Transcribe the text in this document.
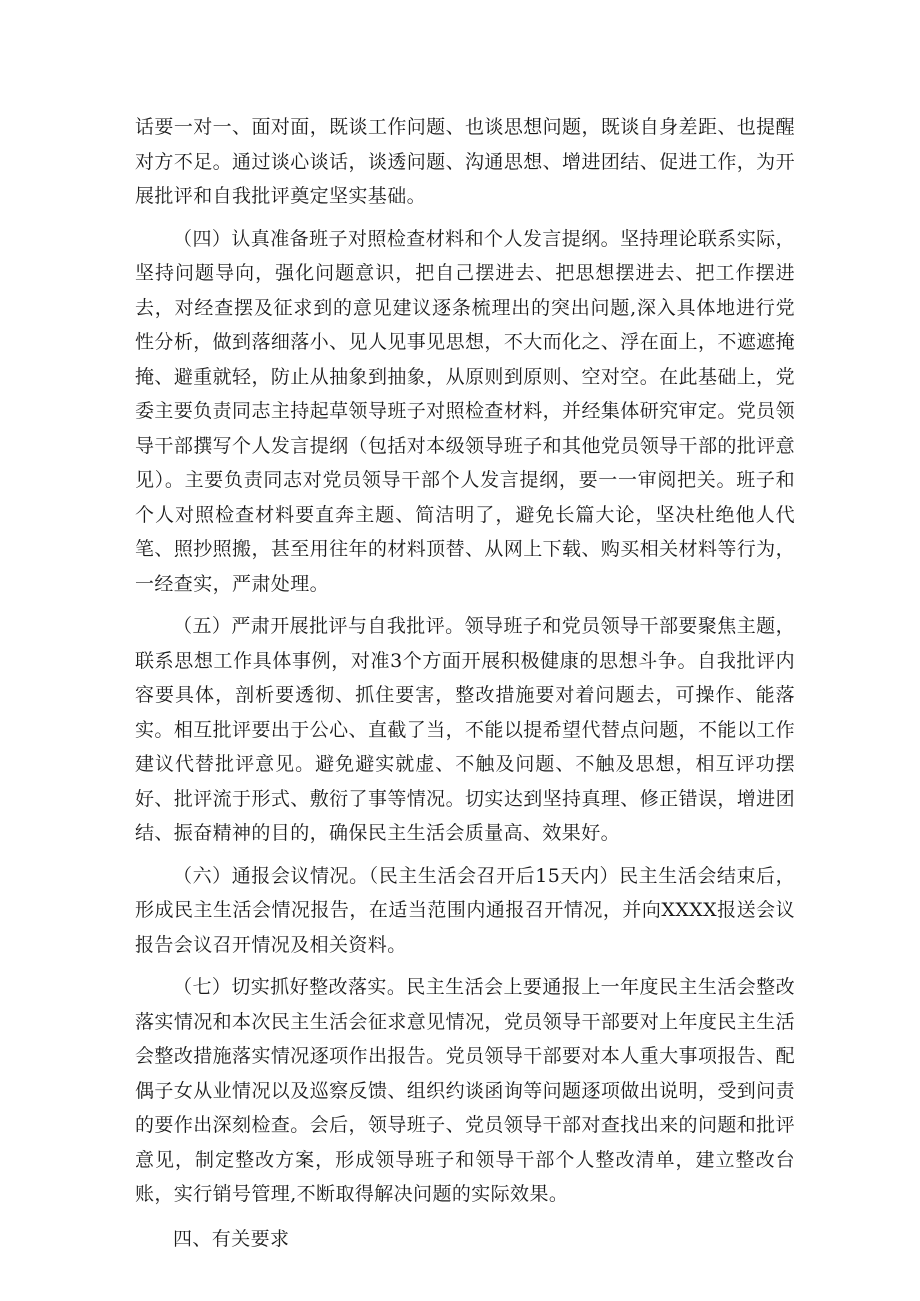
话要一对一、面对面，既谈工作问题、也谈思想问题，既谈自身差距、也提醒对方不足。通过谈心谈话，谈透问题、沟通思想、增进团结、促进工作，为开展批评和自我批评奠定坚实基础。

（四）认真准备班子对照检查材料和个人发言提纲。坚持理论联系实际，坚持问题导向，强化问题意识，把自己摆进去、把思想摆进去、把工作摆进去，对经查摆及征求到的意见建议逐条梳理出的突出问题,深入具体地进行党性分析，做到落细落小、见人见事见思想，不大而化之、浮在面上，不遮遮掩掩、避重就轻，防止从抽象到抽象，从原则到原则、空对空。在此基础上，党委主要负责同志主持起草领导班子对照检查材料，并经集体研究审定。党员领导干部撰写个人发言提纲（包括对本级领导班子和其他党员领导干部的批评意见）。主要负责同志对党员领导干部个人发言提纲，要一一审阅把关。班子和个人对照检查材料要直奔主题、简洁明了，避免长篇大论，坚决杜绝他人代笔、照抄照搬，甚至用往年的材料顶替、从网上下载、购买相关材料等行为，一经查实，严肃处理。

（五）严肃开展批评与自我批评。领导班子和党员领导干部要聚焦主题，联系思想工作具体事例，对准3个方面开展积极健康的思想斗争。自我批评内容要具体，剖析要透彻、抓住要害，整改措施要对着问题去，可操作、能落实。相互批评要出于公心、直截了当，不能以提希望代替点问题，不能以工作建议代替批评意见。避免避实就虚、不触及问题、不触及思想，相互评功摆好、批评流于形式、敷衍了事等情况。切实达到坚持真理、修正错误，增进团结、振奋精神的目的，确保民主生活会质量高、效果好。

（六）通报会议情况。（民主生活会召开后15天内）民主生活会结束后，形成民主生活会情况报告，在适当范围内通报召开情况，并向XXXX报送会议报告会议召开情况及相关资料。

（七）切实抓好整改落实。民主生活会上要通报上一年度民主生活会整改落实情况和本次民主生活会征求意见情况，党员领导干部要对上年度民主生活会整改措施落实情况逐项作出报告。党员领导干部要对本人重大事项报告、配偶子女从业情况以及巡察反馈、组织约谈函询等问题逐项做出说明，受到问责的要作出深刻检查。会后，领导班子、党员领导干部对查找出来的问题和批评意见，制定整改方案，形成领导班子和领导干部个人整改清单，建立整改台账，实行销号管理,不断取得解决问题的实际效果。

四、有关要求
